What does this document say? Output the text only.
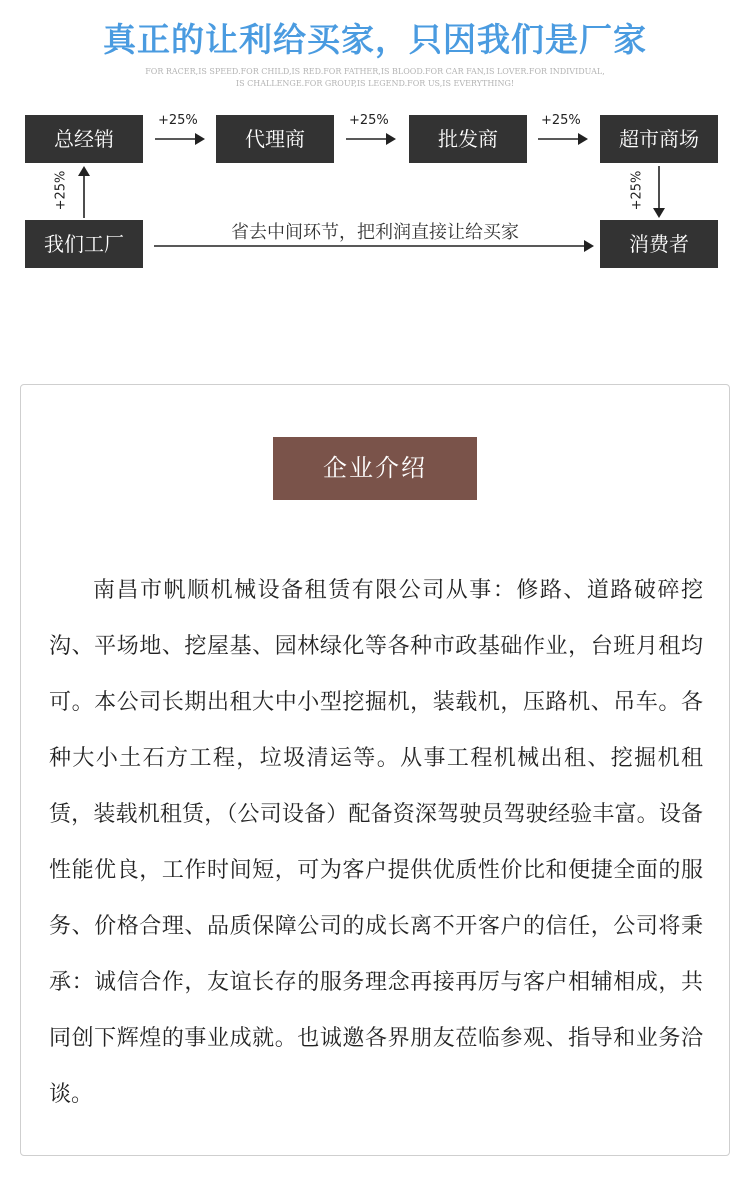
真正的让利给买家，只因我们是厂家
FOR RACER,IS SPEED.FOR CHILD,IS RED.FOR FATHER,IS BLOOD.FOR CAR FAN,IS LOVER.FOR INDIVIDUAL,
IS CHALLENGE.FOR GROUP,IS LEGEND.FOR US,IS EVERYTHING!
总经销	代理商	批发商	超市商场
我们工厂	消费者
+25%	+25%	+25%
+25%	+25%
省去中间环节，把利润直接让给买家
企业介绍
南昌市帆顺机械设备租赁有限公司从事：修路、道路破碎挖沟、平场地、挖屋基、园林绿化等各种市政基础作业，台班月租均可。本公司长期出租大中小型挖掘机，装载机，压路机、吊车。各种大小土石方工程，垃圾清运等。从事工程机械出租、挖掘机租赁，装载机租赁，（公司设备）配备资深驾驶员驾驶经验丰富。设备性能优良，工作时间短，可为客户提供优质性价比和便捷全面的服务、价格合理、品质保障公司的成长离不开客户的信任，公司将秉承：诚信合作，友谊长存的服务理念再接再厉与客户相辅相成，共同创下辉煌的事业成就。也诚邀各界朋友莅临参观、指导和业务洽谈。
